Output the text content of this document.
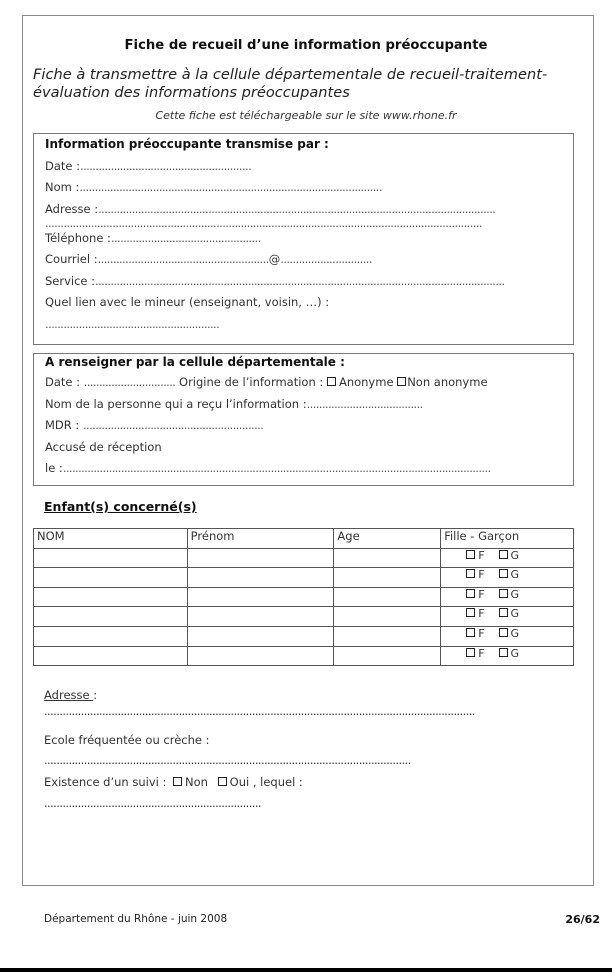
Fiche de recueil d’une information préoccupante
Fiche à transmettre à la cellule départementale de recueil-traitement-
évaluation des informations préoccupantes
Cette fiche est téléchargeable sur le site www.rhone.fr
Information préoccupante transmise par :
Date :........................................................
Nom :...................................................................................................
Adresse :..................................................................................................................................
...............................................................................................................................................
Téléphone :.................................................
Courriel :........................................................@..............................
Service :......................................................................................................................................
Quel lien avec le mineur (enseignant, voisin, …) :
.........................................................
A renseigner par la cellule départementale :
Date : .............................. Origine de l’information : Anonyme Non anonyme
Nom de la personne qui a reçu l’information :......................................
MDR : ...........................................................
Accusé de réception
le :............................................................................................................................................
Enfant(s) concerné(s)
NOM	Prénom	Age	Fille - Garçon
			F G
			F G
			F G
			F G
			F G
			F G
Adresse :
.............................................................................................................................................
Ecole fréquentée ou crèche :
........................................................................................................................
Existence d’un suivi : Non Oui , lequel :
.......................................................................
Département du Rhône - juin 2008	26/62
